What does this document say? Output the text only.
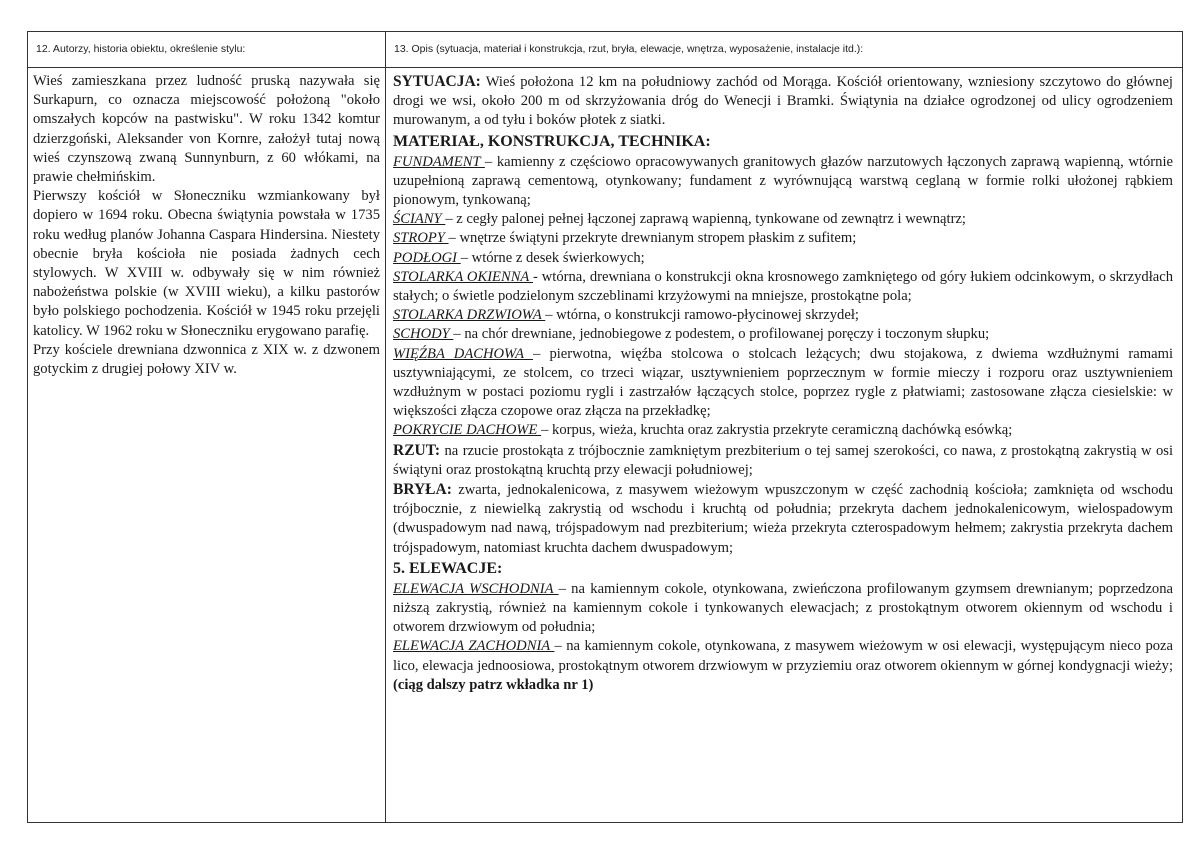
12. Autorzy, historia obiektu, określenie stylu:	13. Opis (sytuacja, materiał i konstrukcja, rzut, bryła, elewacje, wnętrza, wyposażenie, instalacje itd.):

Wieś zamieszkana przez ludność pruską nazywała się Surkapurn, co oznacza miejscowość położoną "około omszałych kopców na pastwisku". W roku 1342 komtur dzierzgoński, Aleksander von Kornre, założył tutaj nową wieś czynszową zwaną Sunnynburn, z 60 włókami, na prawie chełmińskim.

Pierwszy kościół w Słoneczniku wzmiankowany był dopiero w 1694 roku. Obecna świątynia powstała w 1735 roku według planów Johanna Caspara Hindersina. Niestety obecnie bryła kościoła nie posiada żadnych cech stylowych. W XVIII w. odbywały się w nim również nabożeństwa polskie (w XVIII wieku), a kilku pastorów było polskiego pochodzenia. Kościół w 1945 roku przejęli katolicy. W 1962 roku w Słoneczniku erygowano parafię.

Przy kościele drewniana dzwonnica z XIX w. z dzwonem gotyckim z drugiej połowy XIV w.

SYTUACJA: Wieś położona 12 km na południowy zachód od Morąga. Kościół orientowany, wzniesiony szczytowo do głównej drogi we wsi, około 200 m od skrzyżowania dróg do Wenecji i Bramki. Świątynia na działce ogrodzonej od ulicy ogrodzeniem murowanym, a od tyłu i boków płotek z siatki.

MATERIAŁ, KONSTRUKCJA, TECHNIKA:

FUNDAMENT – kamienny z częściowo opracowywanych granitowych głazów narzutowych łączonych zaprawą wapienną, wtórnie uzupełnioną zaprawą cementową, otynkowany; fundament z wyrównującą warstwą ceglaną w formie rolki ułożonej rąbkiem pionowym, tynkowaną;

ŚCIANY – z cegły palonej pełnej łączonej zaprawą wapienną, tynkowane od zewnątrz i wewnątrz;

STROPY – wnętrze świątyni przekryte drewnianym stropem płaskim z sufitem;

PODŁOGI – wtórne z desek świerkowych;

STOLARKA OKIENNA - wtórna, drewniana o konstrukcji okna krosnowego zamkniętego od góry łukiem odcinkowym, o skrzydłach stałych; o świetle podzielonym szczeblinami krzyżowymi na mniejsze, prostokątne pola;

STOLARKA DRZWIOWA – wtórna, o konstrukcji ramowo-płycinowej skrzydeł;

SCHODY – na chór drewniane, jednobiegowe z podestem, o profilowanej poręczy i toczonym słupku;

WIĘŹBA DACHOWA – pierwotna, więźba stolcowa o stolcach leżących; dwu stojakowa, z dwiema wzdłużnymi ramami usztywniającymi, ze stolcem, co trzeci wiązar, usztywnieniem poprzecznym w formie mieczy i rozporu oraz usztywnieniem wzdłużnym w postaci poziomu rygli i zastrzałów łączących stolce, poprzez rygle z płatwiami; zastosowane złącza ciesielskie: w większości złącza czopowe oraz złącza na przekładkę;

POKRYCIE DACHOWE – korpus, wieża, kruchta oraz zakrystia przekryte ceramiczną dachówką esówką;

RZUT: na rzucie prostokąta z trójbocznie zamkniętym prezbiterium o tej samej szerokości, co nawa, z prostokątną zakrystią w osi świątyni oraz prostokątną kruchtą przy elewacji południowej;

BRYŁA: zwarta, jednokalenicowa, z masywem wieżowym wpuszczonym w część zachodnią kościoła; zamknięta od wschodu trójbocznie, z niewielką zakrystią od wschodu i kruchtą od południa; przekryta dachem jednokalenicowym, wielospadowym (dwuspadowym nad nawą, trójspadowym nad prezbiterium; wieża przekryta czterospadowym hełmem; zakrystia przekryta dachem trójspadowym, natomiast kruchta dachem dwuspadowym;

5. ELEWACJE:

ELEWACJA WSCHODNIA – na kamiennym cokole, otynkowana, zwieńczona profilowanym gzymsem drewnianym; poprzedzona niższą zakrystią, również na kamiennym cokole i tynkowanych elewacjach; z prostokątnym otworem okiennym od wschodu i otworem drzwiowym od południa;

ELEWACJA ZACHODNIA – na kamiennym cokole, otynkowana, z masywem wieżowym w osi elewacji, występującym nieco poza lico, elewacja jednoosiowa, prostokątnym otworem drzwiowym w przyziemiu oraz otworem okiennym w górnej kondygnacji wieży; (ciąg dalszy patrz wkładka nr 1)
